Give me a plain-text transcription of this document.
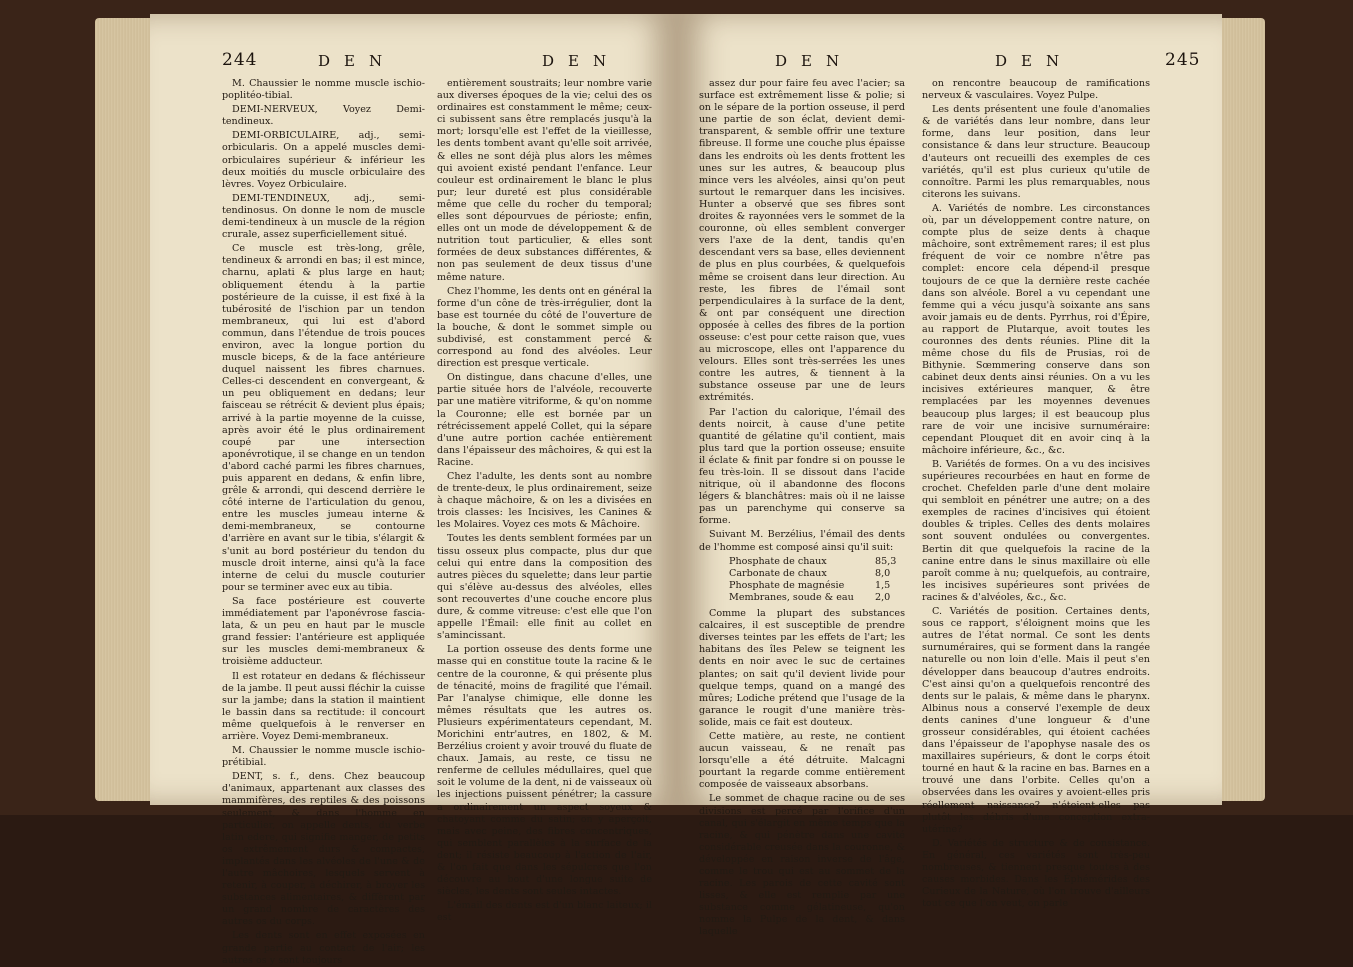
244	DEN	DEN

M. Chaussier le nomme muscle ischio-poplitéo-tibial.

DEMI-NERVEUX, Voyez Demi-tendineux.

DEMI-ORBICULAIRE, adj., semi-orbicularis. On a appelé muscles demi-orbiculaires supérieur & inférieur les deux moitiés du muscle orbiculaire des lèvres. Voyez Orbiculaire.

DEMI-TENDINEUX, adj., semi-tendinosus. On donne le nom de muscle demi-tendineux à un muscle de la région crurale, assez superficiellement situé.

Ce muscle est très-long, grêle, tendineux & arrondi en bas; il est mince, charnu, aplati & plus large en haut; obliquement étendu à la partie postérieure de la cuisse, il est fixé à la tubérosité de l'ischion par un tendon membraneux, qui lui est d'abord commun, dans l'étendue de trois pouces environ, avec la longue portion du muscle biceps, & de la face antérieure duquel naissent les fibres charnues. Celles-ci descendent en convergeant, & un peu obliquement en dedans; leur faisceau se rétrécit & devient plus épais; arrivé à la partie moyenne de la cuisse, après avoir été le plus ordinairement coupé par une intersection aponévrotique, il se change en un tendon d'abord caché parmi les fibres charnues, puis apparent en dedans, & enfin libre, grêle & arrondi, qui descend derrière le côté interne de l'articulation du genou, entre les muscles jumeau interne & demi-membraneux, se contourne d'arrière en avant sur le tibia, s'élargit & s'unit au bord postérieur du tendon du muscle droit interne, ainsi qu'à la face interne de celui du muscle couturier pour se terminer avec eux au tibia.

Sa face postérieure est couverte immédiatement par l'aponévrose fascia-lata, & un peu en haut par le muscle grand fessier: l'antérieure est appliquée sur les muscles demi-membraneux & troisième adducteur.

Il est rotateur en dedans & fléchisseur de la jambe. Il peut aussi fléchir la cuisse sur la jambe; dans la station il maintient le bassin dans sa rectitude: il concourt même quelquefois à le renverser en arrière. Voyez Demi-membraneux.

M. Chaussier le nomme muscle ischio-prétibial.

DENT, s. f., dens. Chez beaucoup d'animaux, appartenant aux classes des mammifères, des reptiles & des poissons seulement, & dans l'homme en particulier, on appelle dents, du verbe latin edere, qui signifie manger, de petits os extrêmement durs & compactes, implantés dans les alvéoles de l'une & de l'autre mâchoires, lesquels servent à retenir, à couper, à déchirer, à broyer les substances alimentaires, & diffèrent par un grand nombre de caractères des autres os du corps.

Les dents sont en effet exposées en grande partie au contact de l'air; les autres os y sont toujours

entièrement soustraits; leur nombre varie aux diverses époques de la vie; celui des os ordinaires est constamment le même; ceux-ci subissent sans être remplacés jusqu'à la mort; lorsqu'elle est l'effet de la vieillesse, les dents tombent avant qu'elle soit arrivée, & elles ne sont déjà plus alors les mêmes qui avoient existé pendant l'enfance. Leur couleur est ordinairement le blanc le plus pur; leur dureté est plus considérable même que celle du rocher du temporal; elles sont dépourvues de périoste; enfin, elles ont un mode de développement & de nutrition tout particulier, & elles sont formées de deux substances différentes, & non pas seulement de deux tissus d'une même nature.

Chez l'homme, les dents ont en général la forme d'un cône de très-irrégulier, dont la base est tournée du côté de l'ouverture de la bouche, & dont le sommet simple ou subdivisé, est constamment percé & correspond au fond des alvéoles. Leur direction est presque verticale.

On distingue, dans chacune d'elles, une partie située hors de l'alvéole, recouverte par une matière vitriforme, & qu'on nomme la Couronne; elle est bornée par un rétrécissement appelé Collet, qui la sépare d'une autre portion cachée entièrement dans l'épaisseur des mâchoires, & qui est la Racine.

Chez l'adulte, les dents sont au nombre de trente-deux, le plus ordinairement, seize à chaque mâchoire, & on les a divisées en trois classes: les Incisives, les Canines & les Molaires. Voyez ces mots & Mâchoire.

Toutes les dents semblent formées par un tissu osseux plus compacte, plus dur que celui qui entre dans la composition des autres pièces du squelette; dans leur partie qui s'élève au-dessus des alvéoles, elles sont recouvertes d'une couche encore plus dure, & comme vitreuse: c'est elle que l'on appelle l'Émail: elle finit au collet en s'amincissant.

La portion osseuse des dents forme une masse qui en constitue toute la racine & le centre de la couronne, & qui présente plus de ténacité, moins de fragilité que l'émail. Par l'analyse chimique, elle donne les mêmes résultats que les autres os. Plusieurs expérimentateurs cependant, M. Morichini entr'autres, en 1802, & M. Berzélius croient y avoir trouvé du fluate de chaux. Jamais, au reste, ce tissu ne renferme de cellules médullaires, quel que soit le volume de la dent, ni de vaisseaux où les injections puissent pénétrer; la cassure a ordinairement un aspect soyeux & chatoyant comme du satin; on y aperçoit, mais avec peine, des fibres concentriques, qui semblent parallèles à la surface de la dent; il résiste beaucoup à l'action de l'air, & l'on fait que dans les sépulcres que l'on découvre au bout d'une longue suite de siècles, les dents sont seules intactes.

L'émail des dents est d'un blanc laiteux; il est

DEN	DEN	245

assez dur pour faire feu avec l'acier; sa surface est extrêmement lisse & polie; si on le sépare de la portion osseuse, il perd une partie de son éclat, devient demi-transparent, & semble offrir une texture fibreuse. Il forme une couche plus épaisse dans les endroits où les dents frottent les unes sur les autres, & beaucoup plus mince vers les alvéoles, ainsi qu'on peut surtout le remarquer dans les incisives. Hunter a observé que ses fibres sont droites & rayonnées vers le sommet de la couronne, où elles semblent converger vers l'axe de la dent, tandis qu'en descendant vers sa base, elles deviennent de plus en plus courbées, & quelquefois même se croisent dans leur direction. Au reste, les fibres de l'émail sont perpendiculaires à la surface de la dent, & ont par conséquent une direction opposée à celles des fibres de la portion osseuse: c'est pour cette raison que, vues au microscope, elles ont l'apparence du velours. Elles sont très-serrées les unes contre les autres, & tiennent à la substance osseuse par une de leurs extrémités.

Par l'action du calorique, l'émail des dents noircit, à cause d'une petite quantité de gélatine qu'il contient, mais plus tard que la portion osseuse; ensuite il éclate & finit par fondre si on pousse le feu très-loin. Il se dissout dans l'acide nitrique, où il abandonne des flocons légers & blanchâtres: mais où il ne laisse pas un parenchyme qui conserve sa forme.

Suivant M. Berzélius, l'émail des dents de l'homme est composé ainsi qu'il suit:

Phosphate de chaux	85,3
Carbonate de chaux	8,0
Phosphate de magnésie	1,5
Membranes, soude & eau	2,0

Comme la plupart des substances calcaires, il est susceptible de prendre diverses teintes par les effets de l'art; les habitans des îles Pelew se teignent les dents en noir avec le suc de certaines plantes; on sait qu'il devient livide pour quelque temps, quand on a mangé des mûres; Lodiche prétend que l'usage de la garance le rougit d'une manière très-solide, mais ce fait est douteux.

Cette matière, au reste, ne contient aucun vaisseau, & ne renaît pas lorsqu'elle a été détruite. Malcagni pourtant la regarde comme entièrement composée de vaisseaux absorbans.

Le sommet de chaque racine ou de ses divisions est percé par l'orifice d'un canal, qui s'élargit en même temps que la racine, & qui pénètre dans une cavité considérable creusée dans la couronne, & développée en raison inverse de l'âge, comme le trou qui est au sommet de la racine. Les parois de cette cavité sont lisses, & elle est remplie par une substance comme gélatineuse, qu'on nomme la Pulpe de la dent, & dans laquelle

on rencontre beaucoup de ramifications nerveux & vasculaires. Voyez Pulpe.

Les dents présentent une foule d'anomalies & de variétés dans leur nombre, dans leur forme, dans leur position, dans leur consistance & dans leur structure. Beaucoup d'auteurs ont recueilli des exemples de ces variétés, qu'il est plus curieux qu'utile de connoître. Parmi les plus remarquables, nous citerons les suivans.

A. Variétés de nombre. Les circonstances où, par un développement contre nature, on compte plus de seize dents à chaque mâchoire, sont extrêmement rares; il est plus fréquent de voir ce nombre n'être pas complet: encore cela dépend-il presque toujours de ce que la dernière reste cachée dans son alvéole. Borel a vu cependant une femme qui a vécu jusqu'à soixante ans sans avoir jamais eu de dents. Pyrrhus, roi d'Épire, au rapport de Plutarque, avoit toutes les couronnes des dents réunies. Pline dit la même chose du fils de Prusias, roi de Bithynie. Sœmmering conserve dans son cabinet deux dents ainsi réunies. On a vu les incisives extérieures manquer, & être remplacées par les moyennes devenues beaucoup plus larges; il est beaucoup plus rare de voir une incisive surnuméraire: cependant Plouquet dit en avoir cinq à la mâchoire inférieure, &c., &c.

B. Variétés de formes. On a vu des incisives supérieures recourbées en haut en forme de crochet. Chefelden parle d'une dent molaire qui sembloit en pénétrer une autre; on a des exemples de racines d'incisives qui étoient doubles & triples. Celles des dents molaires sont souvent ondulées ou convergentes. Bertin dit que quelquefois la racine de la canine entre dans le sinus maxillaire où elle paroît comme à nu; quelquefois, au contraire, les incisives supérieures sont privées de racines & d'alvéoles, &c., &c.

C. Variétés de position. Certaines dents, sous ce rapport, s'éloignent moins que les autres de l'état normal. Ce sont les dents surnuméraires, qui se forment dans la rangée naturelle ou non loin d'elle. Mais il peut s'en développer dans beaucoup d'autres endroits. C'est ainsi qu'on a quelquefois rencontré des dents sur le palais, & même dans le pharynx. Albinus nous a conservé l'exemple de deux dents canines d'une longueur & d'une grosseur considérables, qui étoient cachées dans l'épaisseur de l'apophyse nasale des os maxillaires supérieurs, & dont le corps étoit tourné en haut & la racine en bas. Barnes en a trouvé une dans l'orbite. Celles qu'on a observées dans les ovaires y avoient-elles pris réellement naissance? n'étoient-elles pas plutôt les débris d'une conception extra-utérine?

D. Variétés de structure & de consistance. En général, ces variétés sont très-peu nombreuses, & tiennent presque toutes à des causes morbides. Dans les Éphémérides des Curieux de la Nature, où l'on trouve d'ailleurs tout ce que l'on veut, on parle
